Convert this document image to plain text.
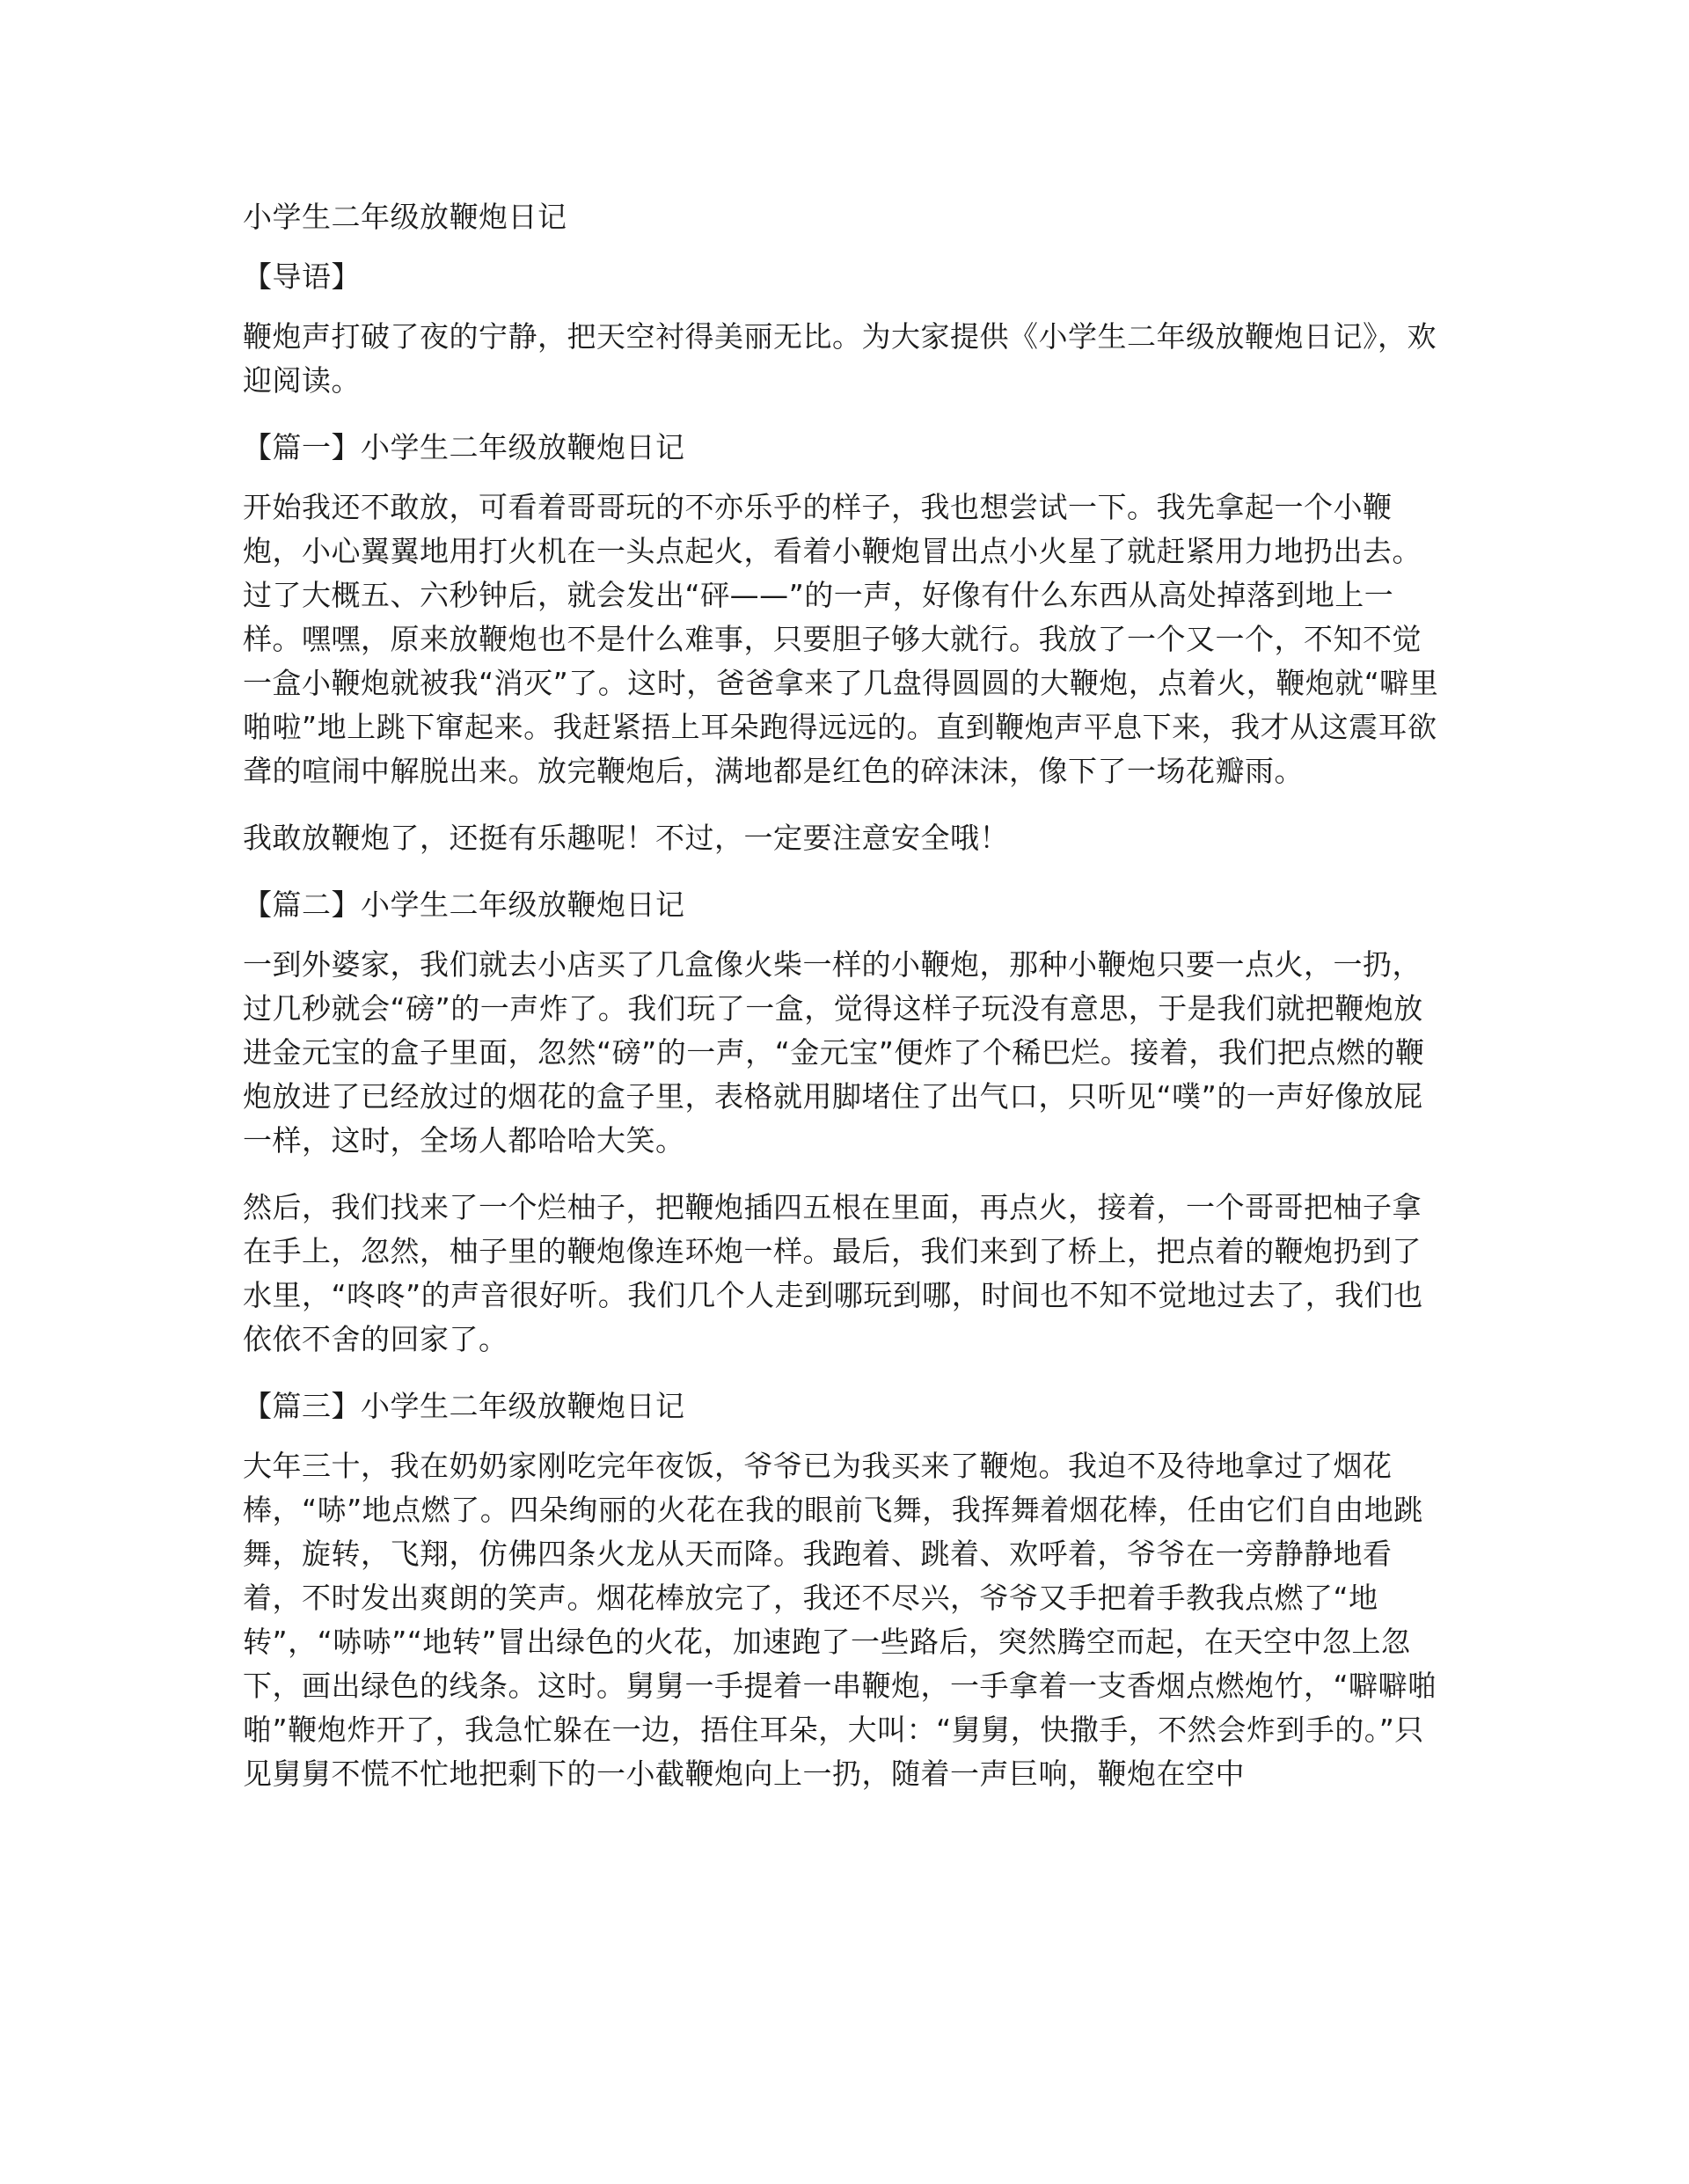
小学生二年级放鞭炮日记

【导语】

鞭炮声打破了夜的宁静，把天空衬得美丽无比。为大家提供《小学生二年级放鞭炮日记》，欢迎阅读。

【篇一】小学生二年级放鞭炮日记

开始我还不敢放，可看着哥哥玩的不亦乐乎的样子，我也想尝试一下。我先拿起一个小鞭炮，小心翼翼地用打火机在一头点起火，看着小鞭炮冒出点小火星了就赶紧用力地扔出去。过了大概五、六秒钟后，就会发出“砰——”的一声，好像有什么东西从高处掉落到地上一样。嘿嘿，原来放鞭炮也不是什么难事，只要胆子够大就行。我放了一个又一个，不知不觉一盒小鞭炮就被我“消灭”了。这时，爸爸拿来了几盘得圆圆的大鞭炮，点着火，鞭炮就“噼里啪啦”地上跳下窜起来。我赶紧捂上耳朵跑得远远的。直到鞭炮声平息下来，我才从这震耳欲聋的喧闹中解脱出来。放完鞭炮后，满地都是红色的碎沫沫，像下了一场花瓣雨。

我敢放鞭炮了，还挺有乐趣呢！不过，一定要注意安全哦！

【篇二】小学生二年级放鞭炮日记

一到外婆家，我们就去小店买了几盒像火柴一样的小鞭炮，那种小鞭炮只要一点火，一扔，过几秒就会“磅”的一声炸了。我们玩了一盒，觉得这样子玩没有意思，于是我们就把鞭炮放进金元宝的盒子里面，忽然“磅”的一声，“金元宝”便炸了个稀巴烂。接着，我们把点燃的鞭炮放进了已经放过的烟花的盒子里，表格就用脚堵住了出气口，只听见“噗”的一声好像放屁一样，这时，全场人都哈哈大笑。

然后，我们找来了一个烂柚子，把鞭炮插四五根在里面，再点火，接着，一个哥哥把柚子拿在手上，忽然，柚子里的鞭炮像连环炮一样。最后，我们来到了桥上，把点着的鞭炮扔到了水里，“咚咚”的声音很好听。我们几个人走到哪玩到哪，时间也不知不觉地过去了，我们也依依不舍的回家了。

【篇三】小学生二年级放鞭炮日记

大年三十，我在奶奶家刚吃完年夜饭，爷爷已为我买来了鞭炮。我迫不及待地拿过了烟花棒，“哧”地点燃了。四朵绚丽的火花在我的眼前飞舞，我挥舞着烟花棒，任由它们自由地跳舞，旋转，飞翔，仿佛四条火龙从天而降。我跑着、跳着、欢呼着，爷爷在一旁静静地看着，不时发出爽朗的笑声。烟花棒放完了，我还不尽兴，爷爷又手把着手教我点燃了“地转”，“哧哧”“地转”冒出绿色的火花，加速跑了一些路后，突然腾空而起，在天空中忽上忽下，画出绿色的线条。这时。舅舅一手提着一串鞭炮，一手拿着一支香烟点燃炮竹，“噼噼啪啪”鞭炮炸开了，我急忙躲在一边，捂住耳朵，大叫：“舅舅，快撒手，不然会炸到手的。”只见舅舅不慌不忙地把剩下的一小截鞭炮向上一扔，随着一声巨响，鞭炮在空中
